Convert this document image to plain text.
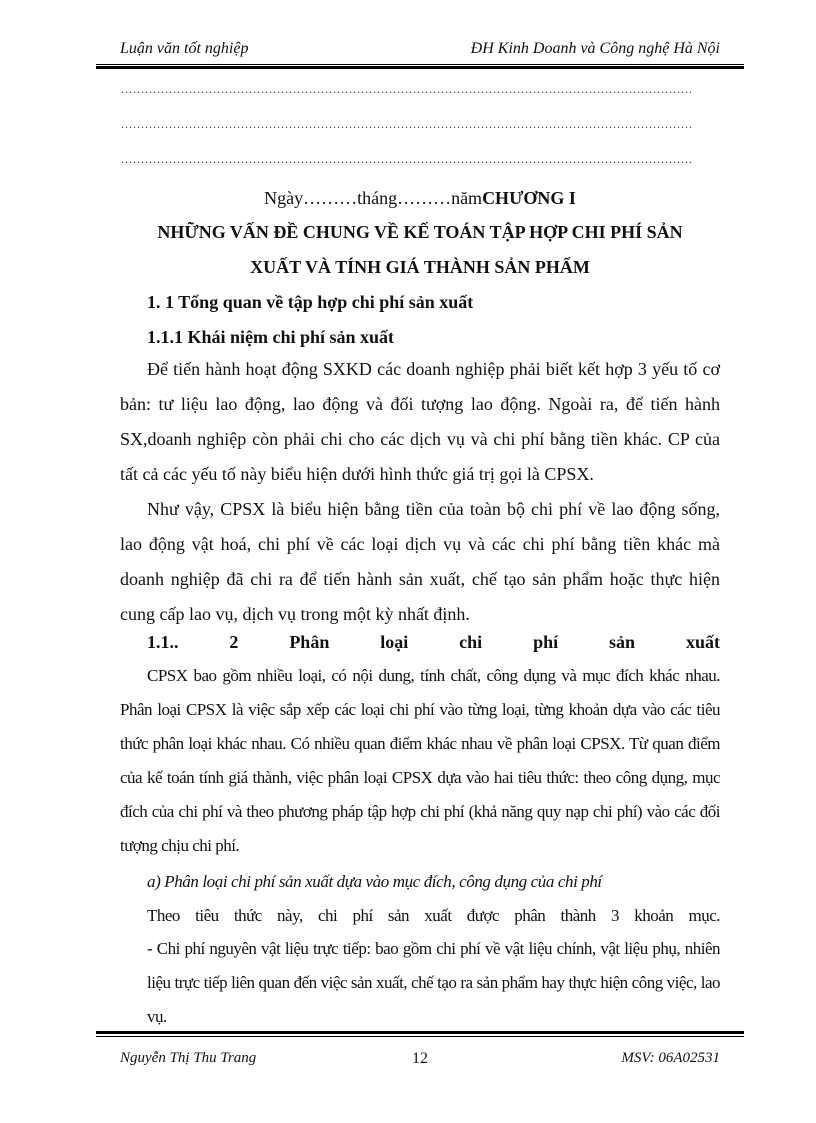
Luận văn tốt nghiệp	ĐH Kinh Doanh và Công nghệ Hà Nội
...............................................................................................................................................
...............................................................................................................................................
...............................................................................................................................................
Ngày………tháng………nămCHƯƠNG I
NHỮNG VẤN ĐỀ CHUNG VỀ KẾ TOÁN TẬP HỢP CHI PHÍ SẢN
XUẤT VÀ TÍNH GIÁ THÀNH SẢN PHẨM
1. 1 Tổng quan về tập hợp chi phí sản xuất
1.1.1 Khái niệm chi phí sản xuất
Để tiến hành hoạt động SXKD các doanh nghiệp phải biết kết hợp 3 yếu tố cơ bản: tư liệu lao động, lao động và đối tượng lao động. Ngoài ra, để tiến hành SX,doanh nghiệp còn phải chi cho các dịch vụ và chi phí bằng tiền khác. CP của tất cả các yếu tố này biểu hiện dưới hình thức giá trị gọi là CPSX.
Như vậy, CPSX là biểu hiện bằng tiền của toàn bộ chi phí về lao động sống, lao động vật hoá, chi phí về các loại dịch vụ và các chi phí bằng tiền khác mà doanh nghiệp đã chi ra để tiến hành sản xuất, chế tạo sản phẩm hoặc thực hiện cung cấp lao vụ, dịch vụ trong một kỳ nhất định.
1.1..	2	Phân	loại	chi	phí	sản	xuất
CPSX bao gồm nhiều loại, có nội dung, tính chất, công dụng và mục đích khác nhau. Phân loại CPSX là việc sắp xếp các loại chi phí vào từng loại, từng khoản dựa vào các tiêu thức phân loại khác nhau. Có nhiều quan điểm khác nhau về phân loại CPSX. Từ quan điểm của kế toán tính giá thành, việc phân loại CPSX dựa vào hai tiêu thức: theo công dụng, mục đích của chi phí và theo phương pháp tập hợp chi phí (khả năng quy nạp chi phí) vào các đối tượng chịu chi phí.
a) Phân loại chi phí sản xuất dựa vào mục đích, công dụng của chi phí
Theo tiêu thức này, chi phí sản xuất được phân thành 3 khoản mục.
- Chi phí nguyên vật liệu trực tiếp: bao gồm chi phí về vật liệu chính, vật liệu phụ, nhiên liệu trực tiếp liên quan đến việc sản xuất, chế tạo ra sản phẩm hay thực hiện công việc, lao vụ.
Nguyễn Thị Thu Trang	12	MSV: 06A02531
